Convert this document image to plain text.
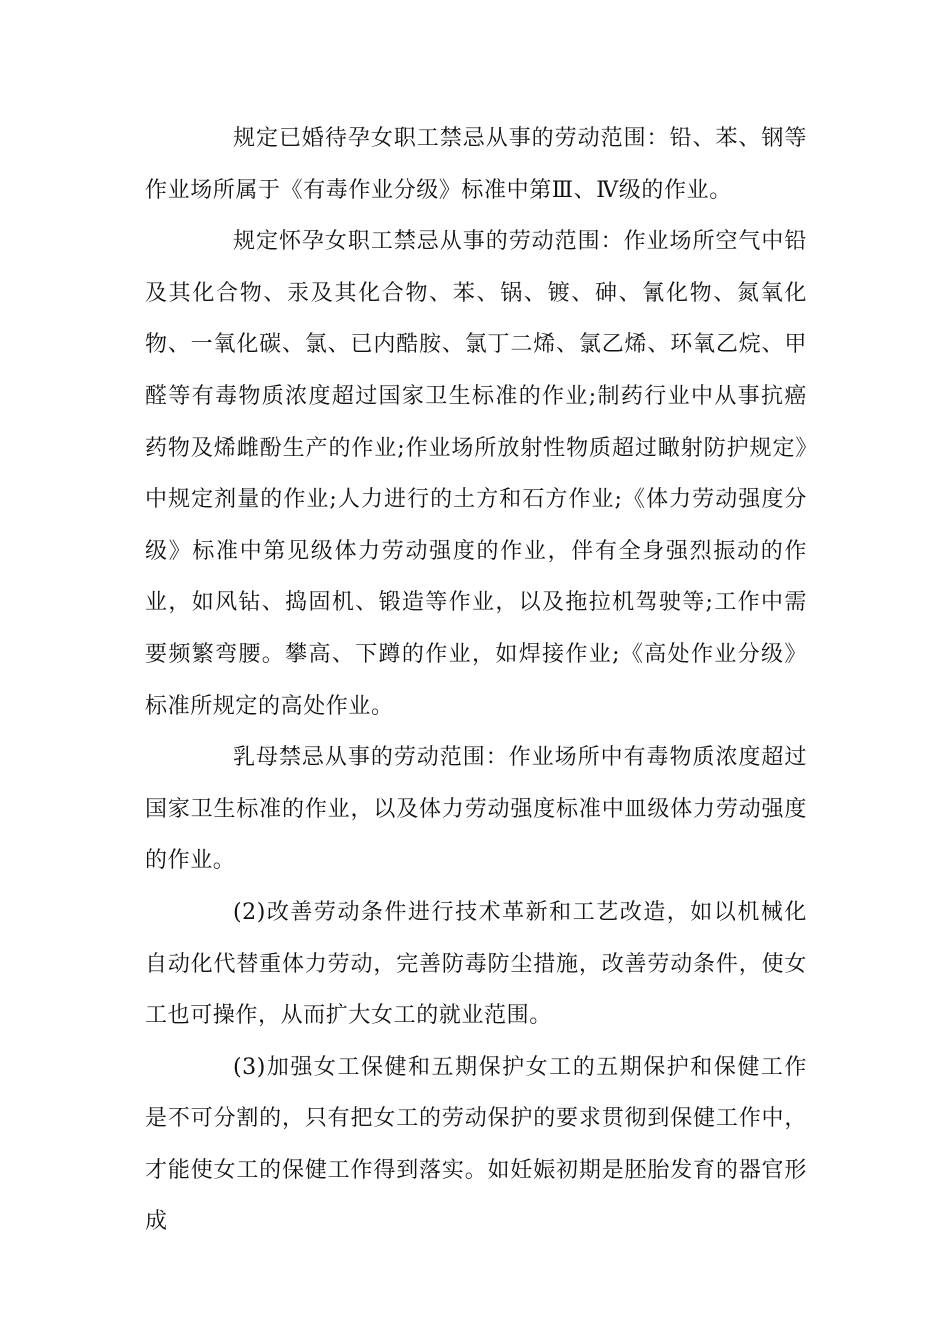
规定已婚待孕女职工禁忌从事的劳动范围：铅、苯、钢等作业场所属于《有毒作业分级》标准中第Ⅲ、Ⅳ级的作业。

规定怀孕女职工禁忌从事的劳动范围：作业场所空气中铅及其化合物、汞及其化合物、苯、锅、镀、砷、氰化物、氮氧化物、一氧化碳、氯、已内酷胺、氯丁二烯、氯乙烯、环氧乙烷、甲醛等有毒物质浓度超过国家卫生标准的作业;制药行业中从事抗癌药物及烯雌酚生产的作业;作业场所放射性物质超过瞰射防护规定》中规定剂量的作业;人力进行的土方和石方作业;《体力劳动强度分级》标准中第见级体力劳动强度的作业，伴有全身强烈振动的作业，如风钻、捣固机、锻造等作业，以及拖拉机驾驶等;工作中需要频繁弯腰。攀高、下蹲的作业，如焊接作业;《高处作业分级》标准所规定的高处作业。

乳母禁忌从事的劳动范围：作业场所中有毒物质浓度超过国家卫生标准的作业，以及体力劳动强度标准中皿级体力劳动强度的作业。

(2)改善劳动条件进行技术革新和工艺改造，如以机械化自动化代替重体力劳动，完善防毒防尘措施，改善劳动条件，使女工也可操作，从而扩大女工的就业范围。

(3)加强女工保健和五期保护女工的五期保护和保健工作是不可分割的，只有把女工的劳动保护的要求贯彻到保健工作中，才能使女工的保健工作得到落实。如妊娠初期是胚胎发育的器官形成
